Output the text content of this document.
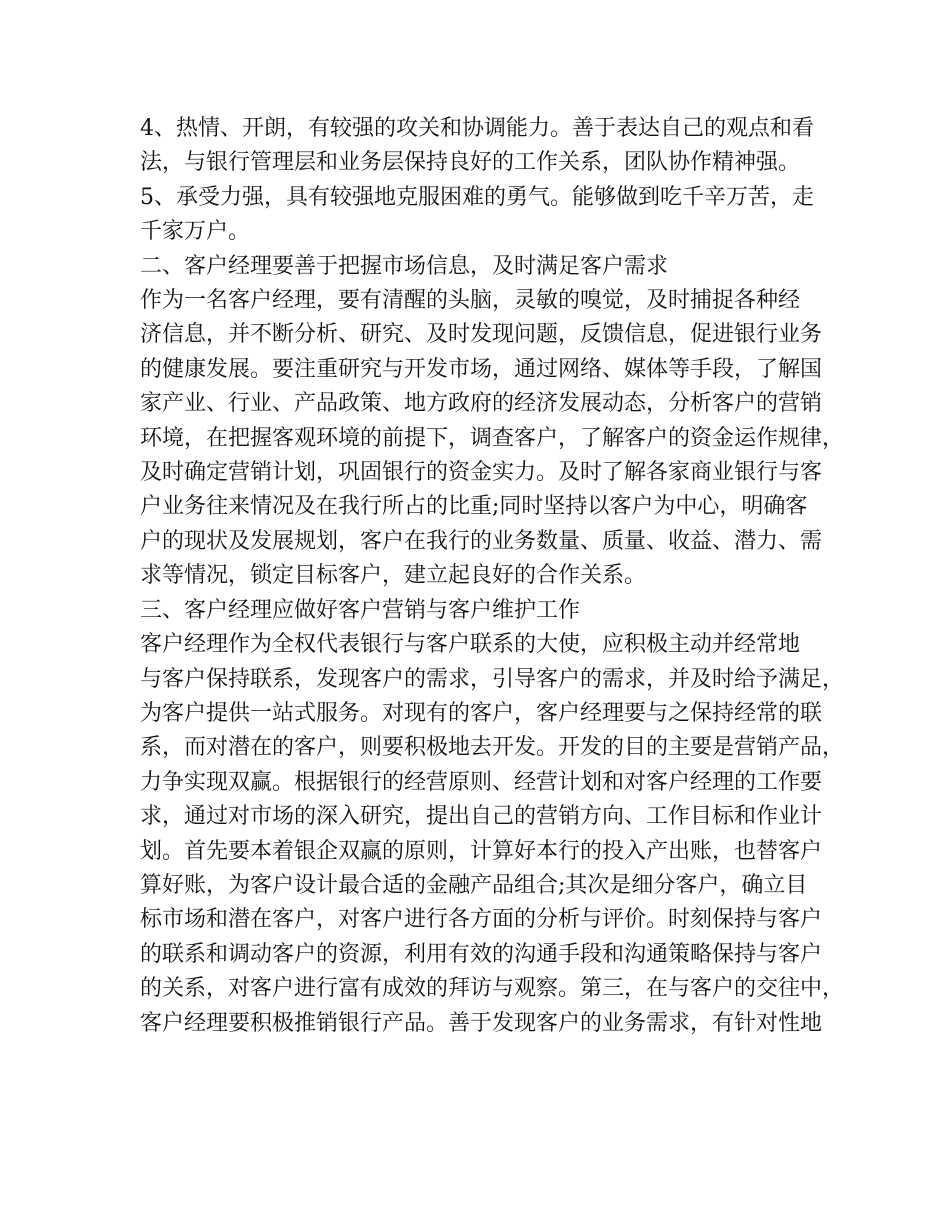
4、热情、开朗，有较强的攻关和协调能力。善于表达自己的观点和看
法，与银行管理层和业务层保持良好的工作关系，团队协作精神强。
5、承受力强，具有较强地克服困难的勇气。能够做到吃千辛万苦，走
千家万户。
二、客户经理要善于把握市场信息，及时满足客户需求
作为一名客户经理，要有清醒的头脑，灵敏的嗅觉，及时捕捉各种经
济信息，并不断分析、研究、及时发现问题，反馈信息，促进银行业务
的健康发展。要注重研究与开发市场，通过网络、媒体等手段，了解国
家产业、行业、产品政策、地方政府的经济发展动态，分析客户的营销
环境，在把握客观环境的前提下，调查客户，了解客户的资金运作规律，
及时确定营销计划，巩固银行的资金实力。及时了解各家商业银行与客
户业务往来情况及在我行所占的比重;同时坚持以客户为中心，明确客
户的现状及发展规划，客户在我行的业务数量、质量、收益、潜力、需
求等情况，锁定目标客户，建立起良好的合作关系。
三、客户经理应做好客户营销与客户维护工作
客户经理作为全权代表银行与客户联系的大使，应积极主动并经常地
与客户保持联系，发现客户的需求，引导客户的需求，并及时给予满足，
为客户提供一站式服务。对现有的客户，客户经理要与之保持经常的联
系，而对潜在的客户，则要积极地去开发。开发的目的主要是营销产品，
力争实现双赢。根据银行的经营原则、经营计划和对客户经理的工作要
求，通过对市场的深入研究，提出自己的营销方向、工作目标和作业计
划。首先要本着银企双赢的原则，计算好本行的投入产出账，也替客户
算好账，为客户设计最合适的金融产品组合;其次是细分客户，确立目
标市场和潜在客户，对客户进行各方面的分析与评价。时刻保持与客户
的联系和调动客户的资源，利用有效的沟通手段和沟通策略保持与客户
的关系，对客户进行富有成效的拜访与观察。第三，在与客户的交往中，
客户经理要积极推销银行产品。善于发现客户的业务需求，有针对性地
